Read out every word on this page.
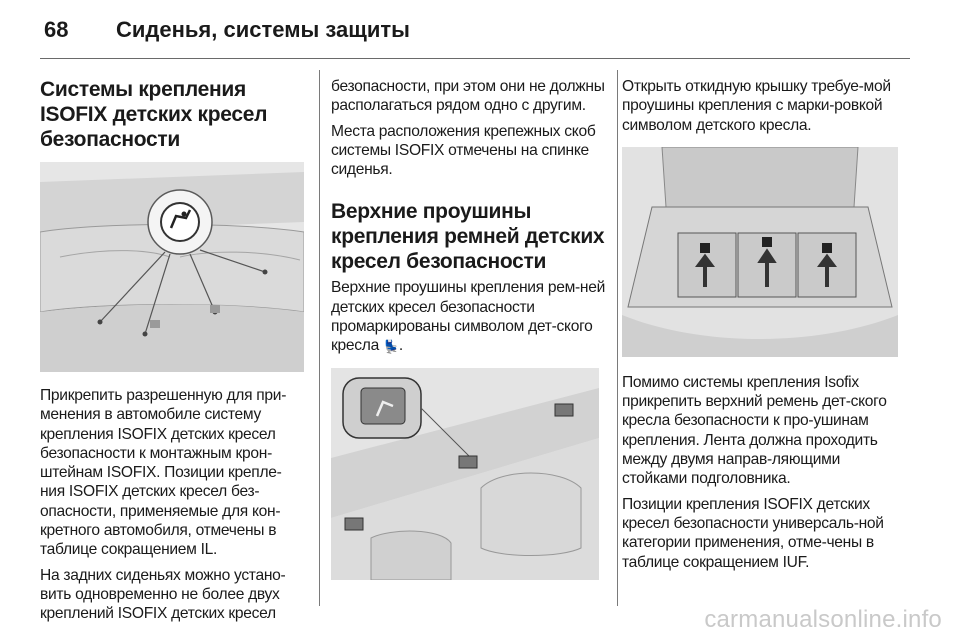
68 Сиденья, системы защиты
Системы крепления ISOFIX детских кресел безопасности

Прикрепить разрешенную для при-менения в автомобиле систему крепления ISOFIX детских кресел безопасности к монтажным крон-штейнам ISOFIX. Позиции крепле-ния ISOFIX детских кресел без-опасности, применяемые для кон-кретного автомобиля, отмечены в таблице сокращением IL.

На задних сиденьях можно устано-вить одновременно не более двух креплений ISOFIX детских кресел

безопасности, при этом они не должны располагаться рядом одно с другим.

Места расположения крепежных скоб системы ISOFIX отмечены на спинке сиденья.

Верхние проушины крепления ремней детских кресел безопасности

Верхние проушины крепления рем-ней детских кресел безопасности промаркированы символом дет-ского кресла 💺.

Открыть откидную крышку требуе-мой проушины крепления с марки-ровкой символом детского кресла.

Помимо системы крепления Isofix прикрепить верхний ремень дет-ского кресла безопасности к про-ушинам крепления. Лента должна проходить между двумя направ-ляющими стойками подголовника.

Позиции крепления ISOFIX детских кресел безопасности универсаль-ной категории применения, отме-чены в таблице сокращением IUF.

carmanualsonline.info
